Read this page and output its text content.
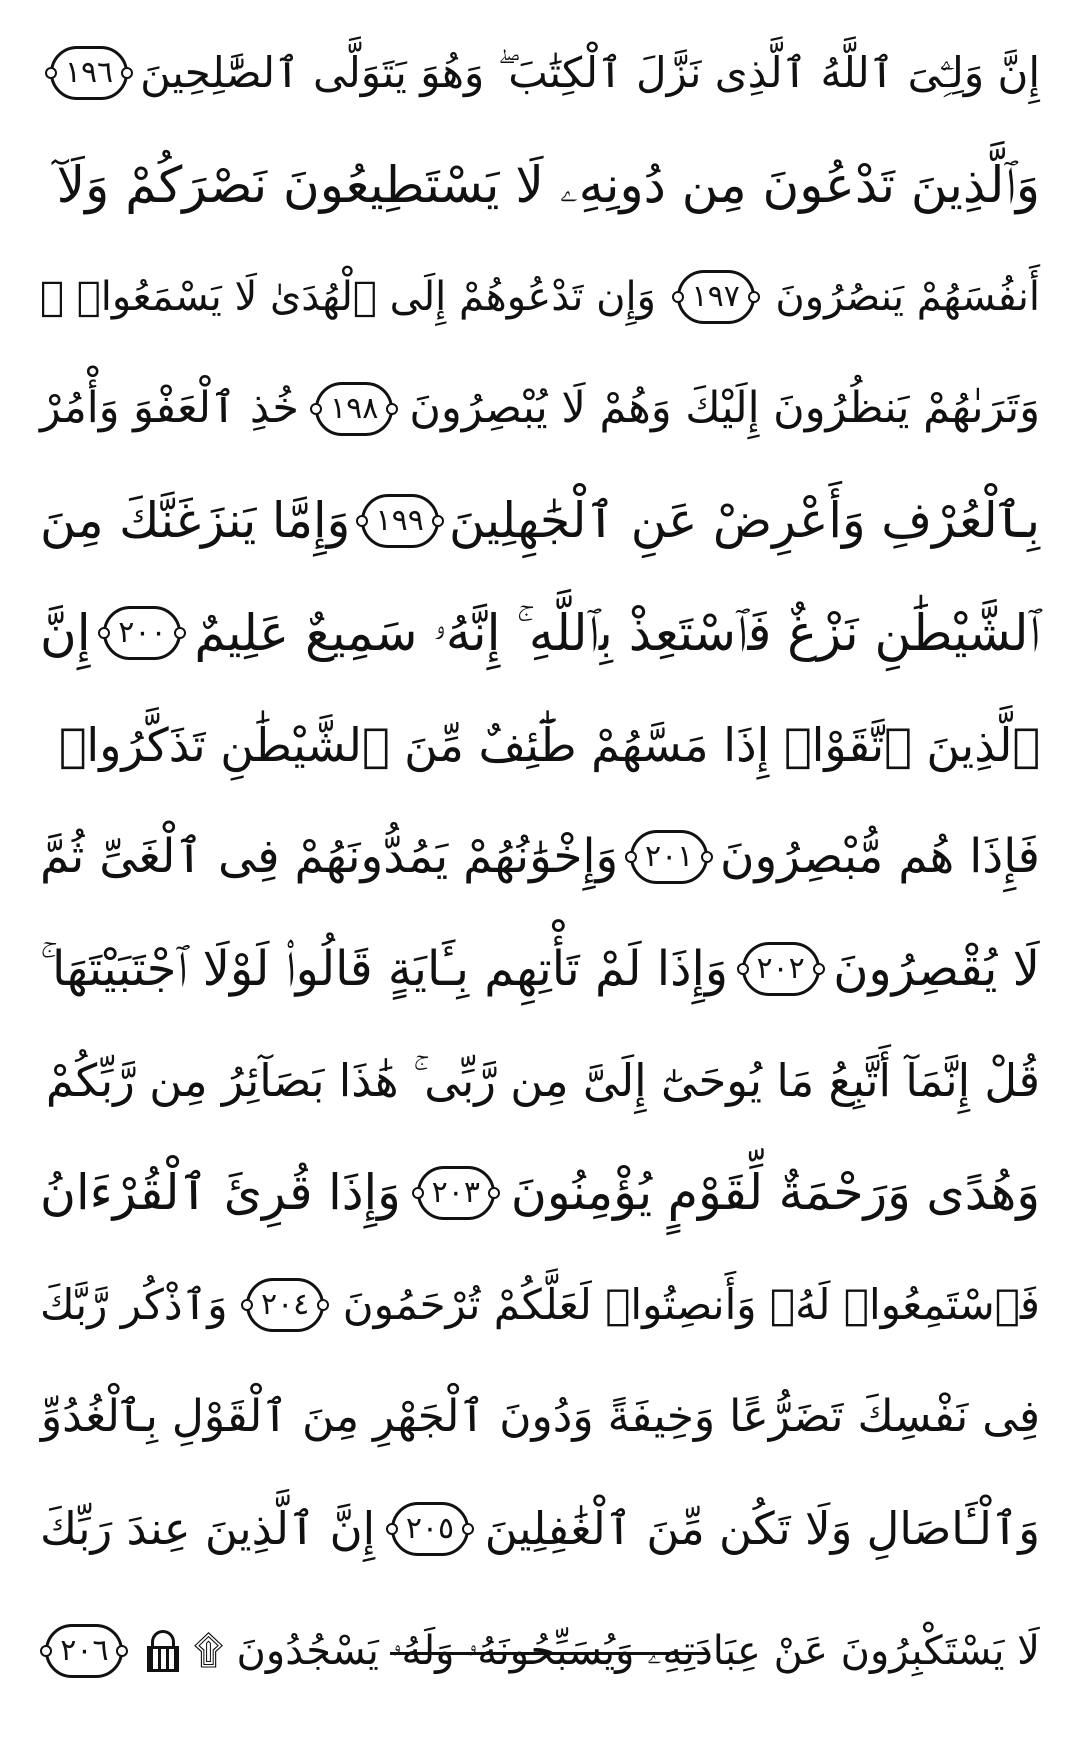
إِنَّ وَلِـِّۧىَ ٱللَّهُ ٱلَّذِى نَزَّلَ ٱلْكِتَٰبَ ۖ وَهُوَ يَتَوَلَّى ٱلصَّٰلِحِينَ
١٩٦
وَٱلَّذِينَ تَدْعُونَ مِن دُونِهِۦ لَا يَسْتَطِيعُونَ نَصْرَكُمْ وَلَآ
أَنفُسَهُمْ يَنصُرُونَ
١٩٧
وَإِن تَدْعُوهُمْ إِلَى ٱلْهُدَىٰ لَا يَسْمَعُوا۟ ۖ
وَتَرَىٰهُمْ يَنظُرُونَ إِلَيْكَ وَهُمْ لَا يُبْصِرُونَ
١٩٨
خُذِ ٱلْعَفْوَ وَأْمُرْ
بِٱلْعُرْفِ وَأَعْرِضْ عَنِ ٱلْجَٰهِلِينَ
١٩٩
وَإِمَّا يَنزَغَنَّكَ مِنَ
ٱلشَّيْطَٰنِ نَزْغٌ فَٱسْتَعِذْ بِٱللَّهِ ۚ إِنَّهُۥ سَمِيعٌ عَلِيمٌ
٢٠٠
إِنَّ
ٱلَّذِينَ ٱتَّقَوْا۟ إِذَا مَسَّهُمْ طَٰٓئِفٌ مِّنَ ٱلشَّيْطَٰنِ تَذَكَّرُوا۟
فَإِذَا هُم مُّبْصِرُونَ
٢٠١
وَإِخْوَٰنُهُمْ يَمُدُّونَهُمْ فِى ٱلْغَىِّ ثُمَّ
لَا يُقْصِرُونَ
٢٠٢
وَإِذَا لَمْ تَأْتِهِم بِـَٔايَةٍ قَالُوا۟ لَوْلَا ٱجْتَبَيْتَهَا ۚ
قُلْ إِنَّمَآ أَتَّبِعُ مَا يُوحَىٰٓ إِلَىَّ مِن رَّبِّى ۚ هَٰذَا بَصَآئِرُ مِن رَّبِّكُمْ
وَهُدًى وَرَحْمَةٌ لِّقَوْمٍ يُؤْمِنُونَ
٢٠٣
وَإِذَا قُرِئَ ٱلْقُرْءَانُ
فَٱسْتَمِعُوا۟ لَهُۥ وَأَنصِتُوا۟ لَعَلَّكُمْ تُرْحَمُونَ
٢٠٤
وَٱذْكُر رَّبَّكَ
فِى نَفْسِكَ تَضَرُّعًا وَخِيفَةً وَدُونَ ٱلْجَهْرِ مِنَ ٱلْقَوْلِ بِٱلْغُدُوِّ
وَٱلْـَٔاصَالِ وَلَا تَكُن مِّنَ ٱلْغَٰفِلِينَ
٢٠٥
إِنَّ ٱلَّذِينَ عِندَ رَبِّكَ
لَا يَسْتَكْبِرُونَ عَنْ عِبَادَتِهِۦ وَيُسَبِّحُونَهُۥ وَلَهُۥ يَسْجُدُونَ ۩
٢٠٦
